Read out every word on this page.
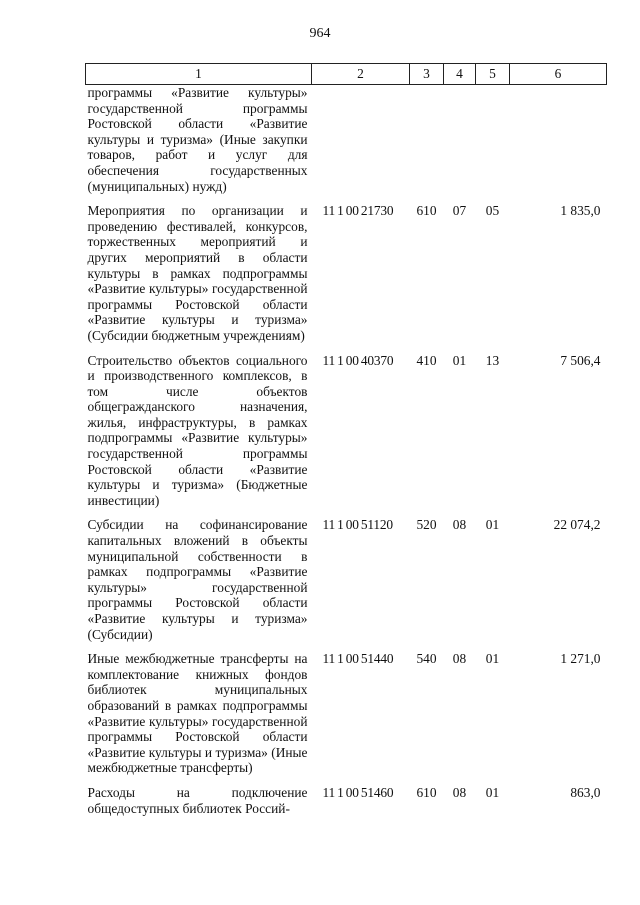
964
1	2	3	4	5	6
программы «Развитие культуры» государственной программы Ростовской области «Развитие культуры и туризма» (Иные закупки товаров, работ и услуг для обеспечения государственных (муниципальных) нужд)					
Мероприятия по организации и проведению фестивалей, конкурсов, торжественных мероприятий и других мероприятий в области культуры в рамках подпрограммы «Развитие культуры» государственной программы Ростовской области «Развитие культуры и туризма» (Субсидии бюджетным учреждениям)	11 1 00 21730	610	07	05	1 835,0
Строительство объектов социального и производственного комплексов, в том числе объектов общегражданского назначения, жилья, инфраструктуры, в рамках подпрограммы «Развитие культуры» государственной программы Ростовской области «Развитие культуры и туризма» (Бюджетные инвестиции)	11 1 00 40370	410	01	13	7 506,4
Субсидии на софинансирование капитальных вложений в объекты муниципальной собственности в рамках подпрограммы «Развитие культуры» государственной программы Ростовской области «Развитие культуры и туризма» (Субсидии)	11 1 00 51120	520	08	01	22 074,2
Иные межбюджетные трансферты на комплектование книжных фондов библиотек муниципальных образований в рамках подпрограммы «Развитие культуры» государственной программы Ростовской области «Развитие культуры и туризма» (Иные межбюджетные трансферты)	11 1 00 51440	540	08	01	1 271,0
Расходы на подключение общедоступных библиотек Россий-	11 1 00 51460	610	08	01	863,0
